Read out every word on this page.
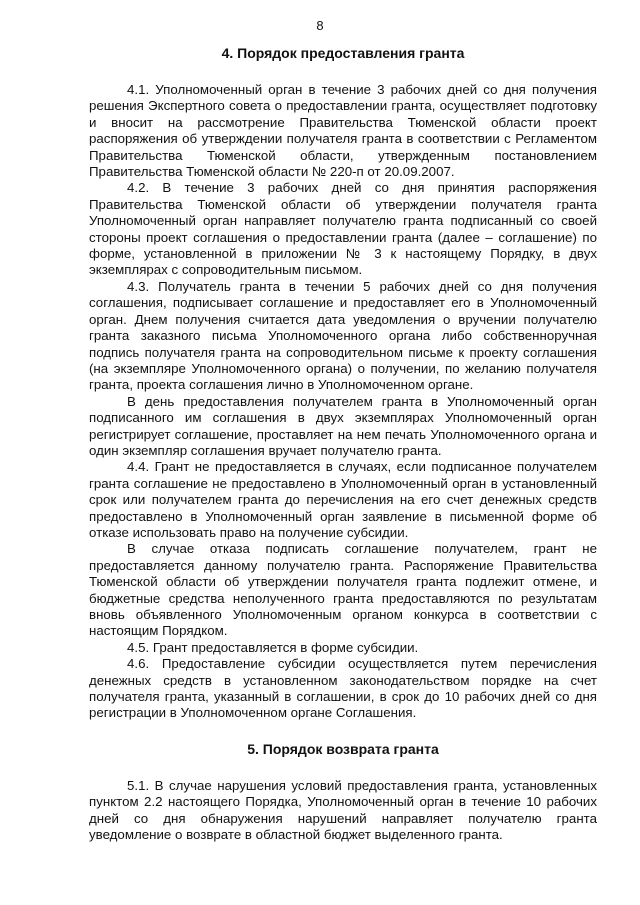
8
4. Порядок предоставления гранта

4.1. Уполномоченный орган в течение 3 рабочих дней со дня получения решения Экспертного совета о предоставлении гранта, осуществляет подготовку и вносит на рассмотрение Правительства Тюменской области проект распоряжения об утверждении получателя гранта в соответствии с Регламентом Правительства Тюменской области, утвержденным постановлением Правительства Тюменской области № 220-п от 20.09.2007.

4.2. В течение 3 рабочих дней со дня принятия распоряжения Правительства Тюменской области об утверждении получателя гранта Уполномоченный орган направляет получателю гранта подписанный со своей стороны проект соглашения о предоставлении гранта (далее – соглашение) по форме, установленной в приложении № 3 к настоящему Порядку, в двух экземплярах с сопроводительным письмом.

4.3. Получатель гранта в течении 5 рабочих дней со дня получения соглашения, подписывает соглашение и предоставляет его в Уполномоченный орган. Днем получения считается дата уведомления о вручении получателю гранта заказного письма Уполномоченного органа либо собственноручная подпись получателя гранта на сопроводительном письме к проекту соглашения (на экземпляре Уполномоченного органа) о получении, по желанию получателя гранта, проекта соглашения лично в Уполномоченном органе.

В день предоставления получателем гранта в Уполномоченный орган подписанного им соглашения в двух экземплярах Уполномоченный орган регистрирует соглашение, проставляет на нем печать Уполномоченного органа и один экземпляр соглашения вручает получателю гранта.

4.4. Грант не предоставляется в случаях, если подписанное получателем гранта соглашение не предоставлено в Уполномоченный орган в установленный срок или получателем гранта до перечисления на его счет денежных средств предоставлено в Уполномоченный орган заявление в письменной форме об отказе использовать право на получение субсидии.

В случае отказа подписать соглашение получателем, грант не предоставляется данному получателю гранта. Распоряжение Правительства Тюменской области об утверждении получателя гранта подлежит отмене, и бюджетные средства неполученного гранта предоставляются по результатам вновь объявленного Уполномоченным органом конкурса в соответствии с настоящим Порядком.

4.5. Грант предоставляется в форме субсидии.

4.6. Предоставление субсидии осуществляется путем перечисления денежных средств в установленном законодательством порядке на счет получателя гранта, указанный в соглашении, в срок до 10 рабочих дней со дня регистрации в Уполномоченном органе Соглашения.

5. Порядок возврата гранта

5.1. В случае нарушения условий предоставления гранта, установленных пунктом 2.2 настоящего Порядка, Уполномоченный орган в течение 10 рабочих дней со дня обнаружения нарушений направляет получателю гранта уведомление о возврате в областной бюджет выделенного гранта.
